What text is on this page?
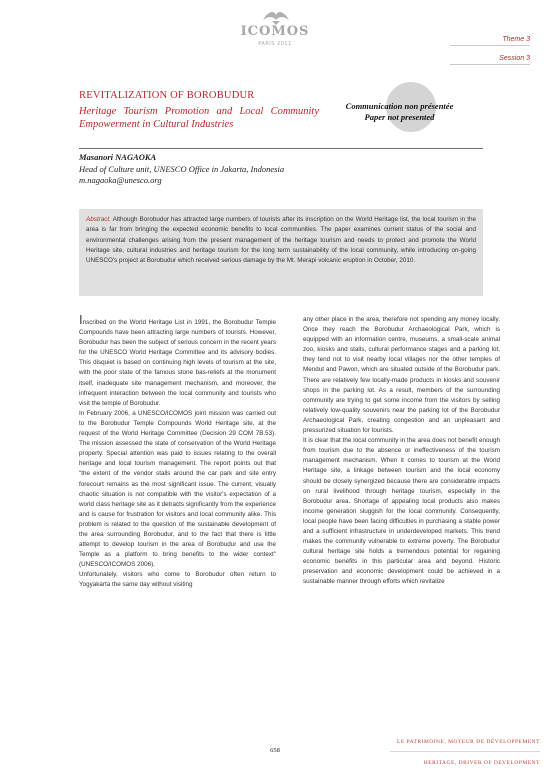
ICOMOS
PARIS 2011
Theme 3
Session 3
REVITALIZATION OF BOROBUDUR
Heritage Tourism Promotion and Local Community Empowerment in Cultural Industries
Communication non présentée
Paper not presented
Masanori NAGAOKA
Head of Culture unit, UNESCO Office in Jakarta, Indonesia
m.nagaoka@unesco.org
Abstract. Although Borobudur has attracted large numbers of tourists after its inscription on the World Heritage list, the local tourism in the area is far from bringing the expected economic benefits to local communities. The paper examines current status of the social and environmental challenges arising from the present management of the heritage tourism and needs to protect and promote the World Heritage site, cultural industries and heritage tourism for the long term sustainability of the local community, while introducing on-going UNESCO's project at Borobudur which received serious damage by the Mt. Merapi volcanic eruption in October, 2010.

Inscribed on the World Heritage List in 1991, the Borobudur Temple Compounds have been attracting large numbers of tourists. However, Borobudur has been the subject of serious concern in the recent years for the UNESCO World Heritage Committee and its advisory bodies. This disquiet is based on continuing high levels of tourism at the site, with the poor state of the famous stone bas-reliefs at the monument itself, inadequate site management mechanism, and moreover, the infrequent interaction between the local community and tourists who visit the temple of Borobudur.

In February 2006, a UNESCO/ICOMOS joint mission was carried out to the Borobudur Temple Compounds World Heritage site, at the request of the World Heritage Committee (Decision 29 COM 7B.53). The mission assessed the state of conservation of the World Heritage property. Special attention was paid to issues relating to the overall heritage and local tourism management. The report points out that "the extent of the vendor stalls around the car park and site entry forecourt remains as the most significant issue. The current, visually chaotic situation is not compatible with the visitor's expectation of a world class heritage site as it detracts significantly from the experience and is cause for frustration for visitors and local community alike. This problem is related to the question of the sustainable development of the area surrounding Borobudur, and to the fact that there is little attempt to develop tourism in the area of Borobudur and use the Temple as a platform to bring benefits to the wider context" (UNESCO/ICOMOS 2006).

Unfortunately, visitors who come to Borobudur often return to Yogyakarta the same day without visiting

any other place in the area, therefore not spending any money locally. Once they reach the Borobudur Archaeological Park, which is equipped with an information centre, museums, a small-scale animal zoo, kiosks and stalls, cultural performance stages and a parking lot, they tend not to visit nearby local villages nor the other temples of Mendut and Pawon, which are situated outside of the Borobudur park. There are relatively few locally-made products in kiosks and souvenir shops in the parking lot. As a result, members of the surrounding community are trying to get some income from the visitors by selling relatively low-quality souvenirs near the parking lot of the Borobudur Archaeological Park, creating congestion and an unpleasant and pressurized situation for tourists.

It is clear that the local community in the area does not benefit enough from tourism due to the absence or ineffectiveness of the tourism management mechanism. When it comes to tourism at the World Heritage site, a linkage between tourism and the local economy should be closely synergized because there are considerable impacts on rural livelihood through heritage tourism, especially in the Borobudur area. Shortage of appealing local products also makes income generation sluggish for the local community. Consequently, local people have been facing difficulties in purchasing a stable power and a sufficient infrastructure in underdeveloped markets. This trend makes the community vulnerable to extreme poverty. The Borobudur cultural heritage site holds a tremendous potential for regaining economic benefits in this particular area and beyond. Historic preservation and economic development could be achieved in a sustainable manner through efforts which revitalize

658
LE PATRIMOINE, MOTEUR DE DÉVELOPPEMENT
HERITAGE, DRIVER OF DEVELOPMENT
